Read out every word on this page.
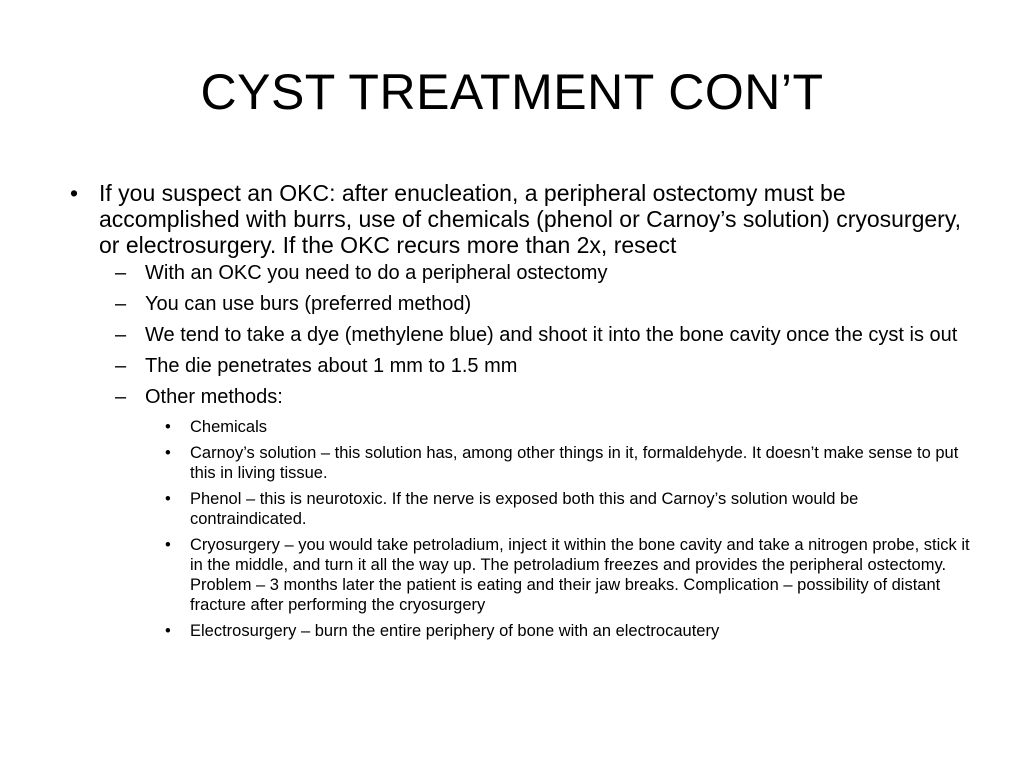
CYST TREATMENT CON’T
• If you suspect an OKC: after enucleation, a peripheral ostectomy must be accomplished with burrs, use of chemicals (phenol or Carnoy’s solution) cryosurgery, or electrosurgery. If the OKC recurs more than 2x, resect
– With an OKC you need to do a peripheral ostectomy
– You can use burs (preferred method)
– We tend to take a dye (methylene blue) and shoot it into the bone cavity once the cyst is out
– The die penetrates about 1 mm to 1.5 mm
– Other methods:
•	Chemicals
•	Carnoy’s solution – this solution has, among other things in it, formaldehyde. It doesn’t make sense to put this in living tissue.
•	Phenol – this is neurotoxic. If the nerve is exposed both this and Carnoy’s solution would be contraindicated.
•	Cryosurgery – you would take petroladium, inject it within the bone cavity and take a nitrogen probe, stick it in the middle, and turn it all the way up. The petroladium freezes and provides the peripheral ostectomy. Problem – 3 months later the patient is eating and their jaw breaks. Complication – possibility of distant fracture after performing the cryosurgery
•	Electrosurgery – burn the entire periphery of bone with an electrocautery
